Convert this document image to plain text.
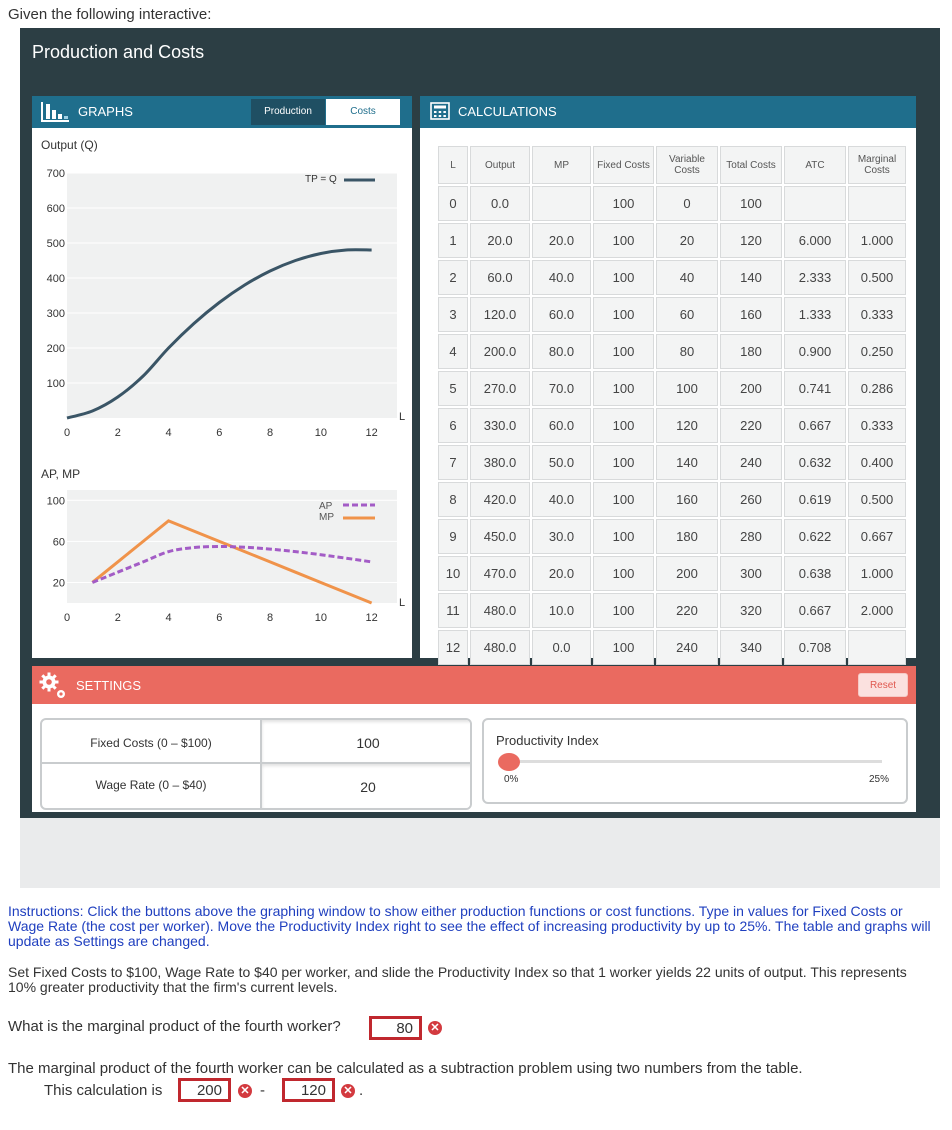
Given the following interactive:
Production and Costs
GRAPHS	Production	Costs
Output (Q)
700
600
500
400
300
200
100
0	2	4	6	8	10	12
L
TP = Q
AP, MP
100
60
20
0	2	4	6	8	10	12
L
AP
MP
CALCULATIONS
L	Output	MP	Fixed Costs	Variable Costs	Total Costs	ATC	Marginal Costs
0	0.0		100	0	100		
1	20.0	20.0	100	20	120	6.000	1.000
2	60.0	40.0	100	40	140	2.333	0.500
3	120.0	60.0	100	60	160	1.333	0.333
4	200.0	80.0	100	80	180	0.900	0.250
5	270.0	70.0	100	100	200	0.741	0.286
6	330.0	60.0	100	120	220	0.667	0.333
7	380.0	50.0	100	140	240	0.632	0.400
8	420.0	40.0	100	160	260	0.619	0.500
9	450.0	30.0	100	180	280	0.622	0.667
10	470.0	20.0	100	200	300	0.638	1.000
11	480.0	10.0	100	220	320	0.667	2.000
12	480.0	0.0	100	240	340	0.708	
SETTINGS	Reset
Fixed Costs (0 – $100)	100
Wage Rate (0 – $40)	20
Productivity Index
0%	25%
Instructions: Click the buttons above the graphing window to show either production functions or cost functions. Type in values for Fixed Costs or Wage Rate (the cost per worker). Move the Productivity Index right to see the effect of increasing productivity by up to 25%. The table and graphs will update as Settings are changed.
Set Fixed Costs to $100, Wage Rate to $40 per worker, and slide the Productivity Index so that 1 worker yields 22 units of output. This represents 10% greater productivity that the firm's current levels.
What is the marginal product of the fourth worker?	80	✕
The marginal product of the fourth worker can be calculated as a subtraction problem using two numbers from the table.
This calculation is	200	✕ -	120	✕ .
